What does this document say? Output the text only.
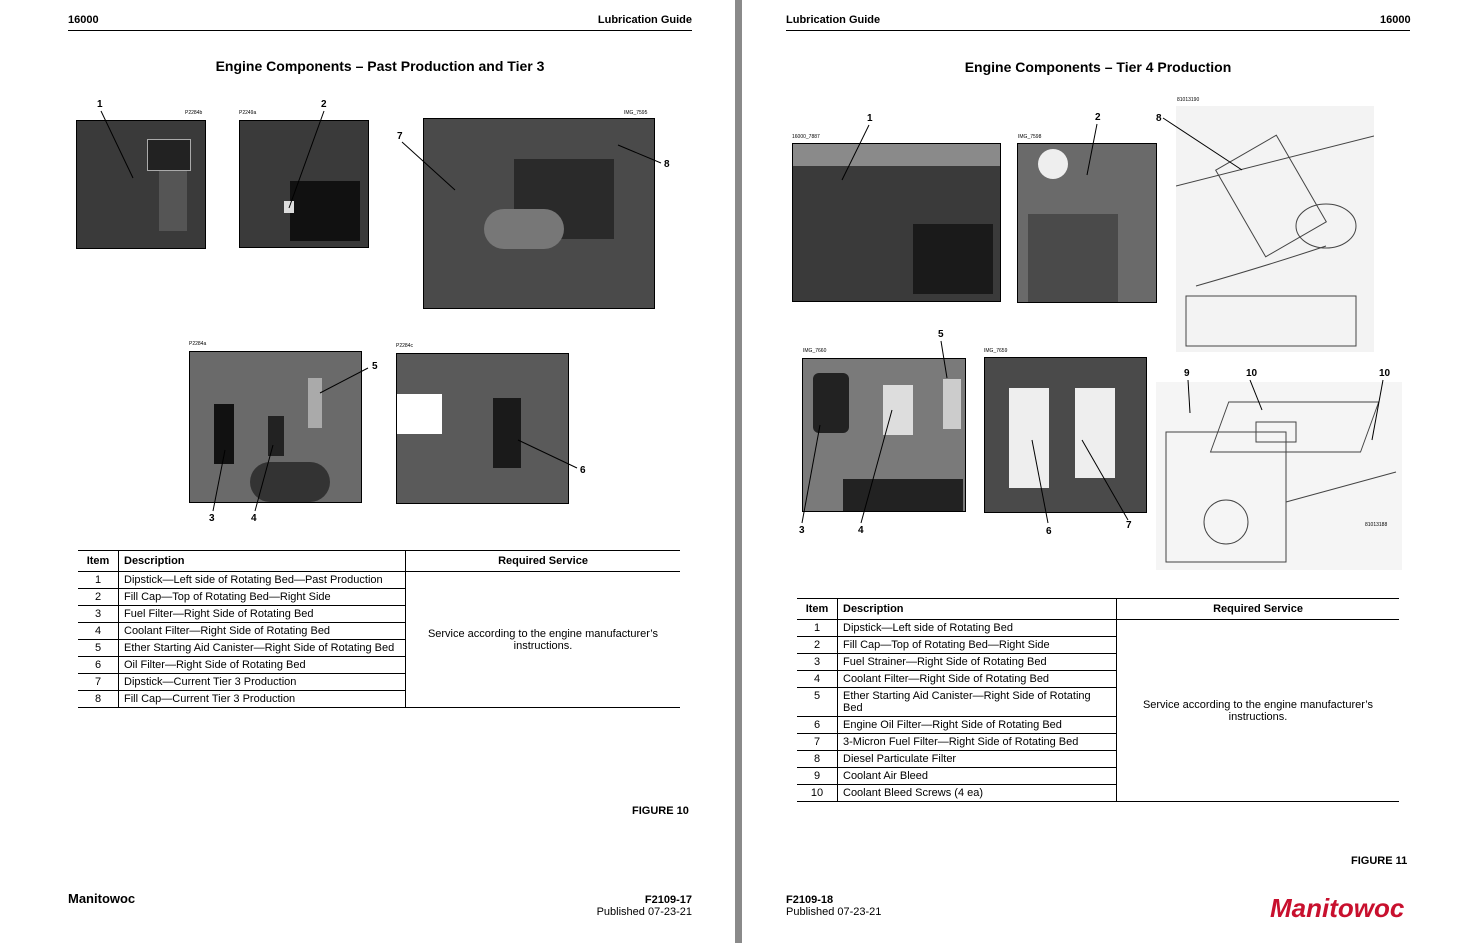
16000	Lubrication Guide
Engine Components – Past Production and Tier 3
P2284b	P2249a	IMG_7595
P2284a	P2284c
1	2
7
8
5
6
3	4
Item	Description	Required Service
1	Dipstick—Left side of Rotating Bed—Past Production	Service according to the engine manufacturer’s instructions.
2	Fill Cap—Top of Rotating Bed—Right Side	
3	Fuel Filter—Right Side of Rotating Bed	
4	Coolant Filter—Right Side of Rotating Bed	
5	Ether Starting Aid Canister—Right Side of Rotating Bed	
6	Oil Filter—Right Side of Rotating Bed	
7	Dipstick—Current Tier 3 Production	
8	Fill Cap—Current Tier 3 Production	
FIGURE 10
Manitowoc	F2109-17
Published 07-23-21
Lubrication Guide	16000
Engine Components – Tier 4 Production
16000_7887	IMG_7598
81013190
IMG_7660	IMG_7659
81013188
1	2	8
5
9	10	10
3	4	6
7
Item	Description	Required Service
1	Dipstick—Left side of Rotating Bed	Service according to the engine manufacturer’s instructions.
2	Fill Cap—Top of Rotating Bed—Right Side	
3	Fuel Strainer—Right Side of Rotating Bed	
4	Coolant Filter—Right Side of Rotating Bed	
5	Ether Starting Aid Canister—Right Side of Rotating Bed	
6	Engine Oil Filter—Right Side of Rotating Bed	
7	3-Micron Fuel Filter—Right Side of Rotating Bed	
8	Diesel Particulate Filter	
9	Coolant Air Bleed	
10	Coolant Bleed Screws (4 ea)	
FIGURE 11
F2109-18
Published 07-23-21	Manitowoc
